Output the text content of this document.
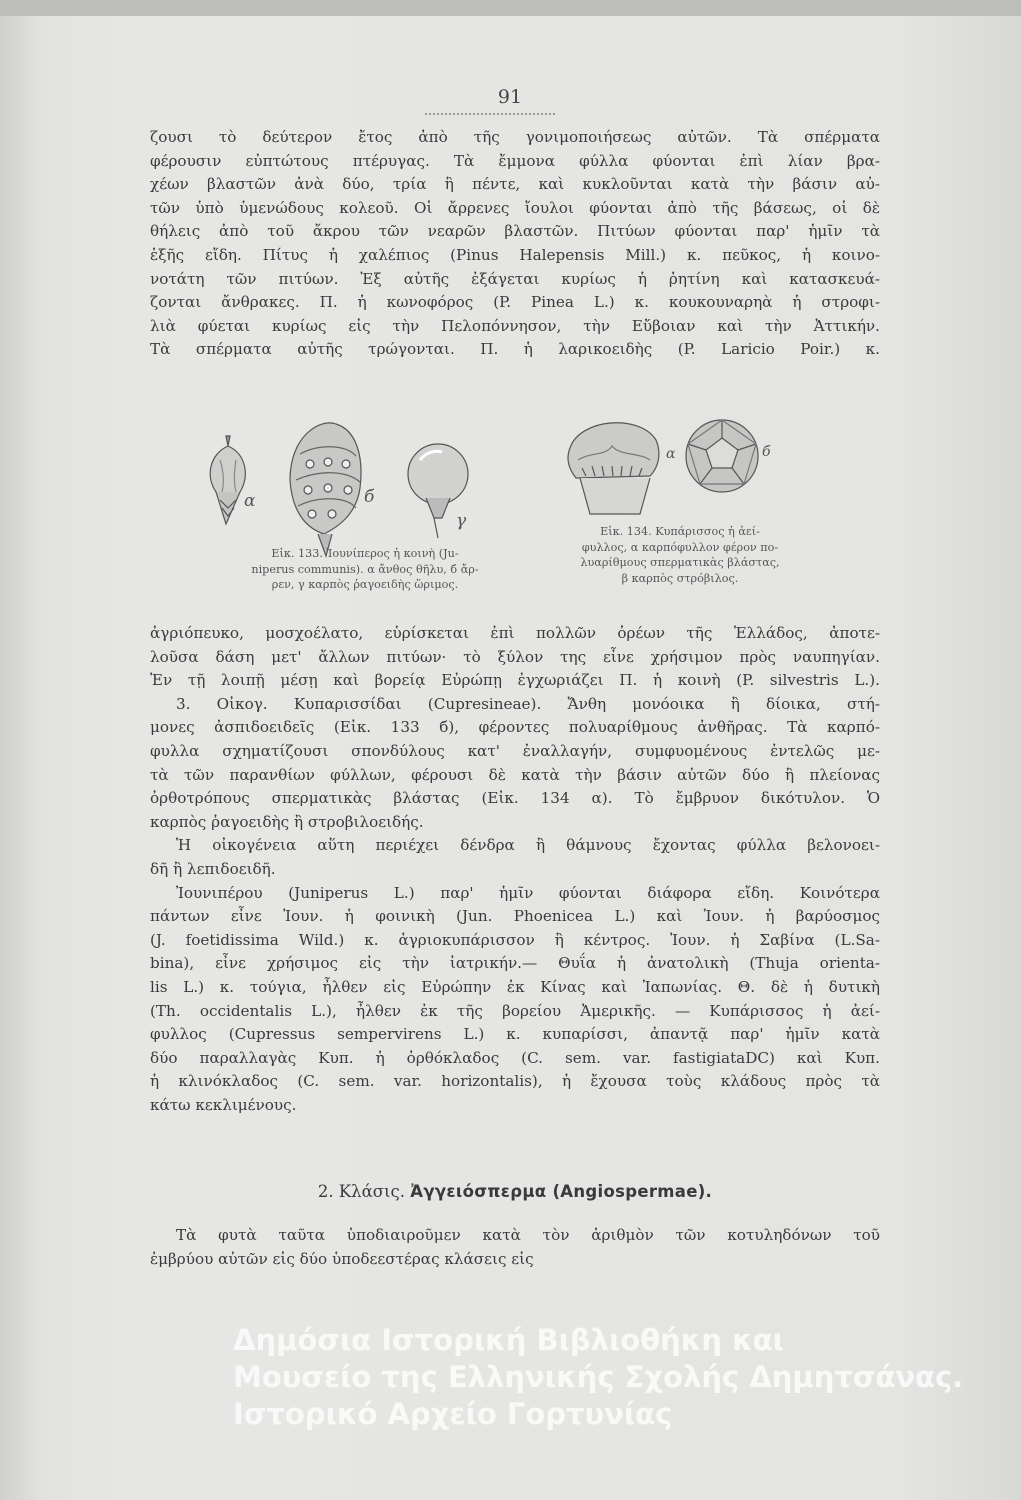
91
ζουσι τὸ δεύτερον ἔτος ἀπὸ τῆς γονιμοποιήσεως αὐτῶν. Τὰ σπέρματα
φέρουσιν εὐπτώτους πτέρυγας. Τὰ ἔμμονα φύλλα φύονται ἐπὶ λίαν βρα-
χέων βλαστῶν ἀνὰ δύο, τρία ἢ πέντε, καὶ κυκλοῦνται κατὰ τὴν βάσιν αὐ-
τῶν ὑπὸ ὑμενώδους κολεοῦ. Οἱ ἄρρενες ἴουλοι φύονται ἀπὸ τῆς βάσεως, οἱ δὲ
θήλεις ἀπὸ τοῦ ἄκρου τῶν νεαρῶν βλαστῶν. Πιτύων φύονται παρ' ἡμῖν τὰ
ἑξῆς εἴδη. Πίτυς ἡ χαλέπιος (Pinus Halepensis Mill.) κ. πεῦκος, ἡ κοινο-
νοτάτη τῶν πιτύων. Ἐξ αὐτῆς ἐξάγεται κυρίως ἡ ῥητίνη καὶ κατασκευά-
ζονται ἄνθρακες. Π. ἡ κωνοφόρος (P. Pinea L.) κ. κουκουναρηὰ ἡ στροφι-
λιὰ φύεται κυρίως εἰς τὴν Πελοπόννησον, τὴν Εὔβοιαν καὶ τὴν Ἀττικήν.
Τὰ σπέρματα αὐτῆς τρώγονται. Π. ἡ λαρικοειδὴς (P. Laricio Poir.) κ.
α	б
γ
α	б
Εἰκ. 133. Ἰουνίπερος ἡ κοινὴ (Ju-
niperus communis). α ἄνθος θῆλυ, б ἄρ-
ρεν, γ καρπὸς ῥαγοειδὴς ὥριμος.
Εἰκ. 134. Κυπάρισσος ἡ ἀεί-
φυλλος, α καρπόφυλλον φέρον πο-
λυαρίθμους σπερματικὰς βλάστας,
β καρπὸς στρόβιλος.
ἀγριόπευκο, μοσχοέλατο, εὑρίσκεται ἐπὶ πολλῶν ὀρέων τῆς Ἑλλάδος, ἀποτε-
λοῦσα δάση μετ' ἄλλων πιτύων· τὸ ξύλον της εἶνε χρήσιμον πρὸς ναυπηγίαν.
Ἐν τῇ λοιπῇ μέσῃ καὶ βορείᾳ Εὐρώπῃ ἐγχωριάζει Π. ἡ κοινὴ (P. silvestris L.).
3. Οἰκογ. Κυπαρισσίδαι (Cupresineae). Ἄνθη μονόοικα ἢ δίοικα, στή-
μονες ἀσπιδοειδεῖς (Εἰκ. 133 б), φέροντες πολυαρίθμους ἀνθῆρας. Τὰ καρπό-
φυλλα σχηματίζουσι σπονδύλους κατ' ἐναλλαγήν, συμφυομένους ἐντελῶς με-
τὰ τῶν παρανθίων φύλλων, φέρουσι δὲ κατὰ τὴν βάσιν αὐτῶν δύο ἢ πλείονας
ὀρθοτρόπους σπερματικὰς βλάστας (Εἰκ. 134 α). Τὸ ἔμβρυον δικότυλον. Ὁ
καρπὸς ῥαγοειδὴς ἢ στροβιλοειδής.
Ἡ οἰκογένεια αὕτη περιέχει δένδρα ἢ θάμνους ἔχοντας φύλλα βελονοει-
δῆ ἢ λεπιδοειδῆ.
Ἰουνιπέρου (Juniperus L.) παρ' ἡμῖν φύονται διάφορα εἴδη. Κοινότερα
πάντων εἶνε Ἰουν. ἡ φοινικὴ (Jun. Phoenicea L.) καὶ Ἰουν. ἡ βαρύοσμος
(J. foetidissima Wild.) κ. ἀγριοκυπάρισσον ἢ κέντρος. Ἰουν. ἡ Σαβίνα (L.Sa-
bina), εἶνε χρήσιμος εἰς τὴν ἰατρικήν.— Θυΐα ἡ ἀνατολικὴ (Thuja orienta-
lis L.) κ. τούγια, ἦλθεν εἰς Εὐρώπην ἐκ Κίνας καὶ Ἰαπωνίας. Θ. δὲ ἡ δυτικὴ
(Th. occidentalis L.), ἦλθεν ἐκ τῆς βορείου Ἀμερικῆς. — Κυπάρισσος ἡ ἀεί-
φυλλος (Cupressus sempervirens L.) κ. κυπαρίσσι, ἀπαντᾷ παρ' ἡμῖν κατὰ
δύο παραλλαγὰς Κυπ. ἡ ὀρθόκλαδος (C. sem. var. fastigiataDC) καὶ Κυπ.
ἡ κλινόκλαδος (C. sem. var. horizontalis), ἡ ἔχουσα τοὺς κλάδους πρὸς τὰ
κάτω κεκλιμένους.
2. Κλάσις. Ἀγγειόσπερμα (Angiospermae).
Τὰ φυτὰ ταῦτα ὑποδιαιροῦμεν κατὰ τὸν ἀριθμὸν τῶν κοτυληδόνων τοῦ
ἐμβρύου αὐτῶν εἰς δύο ὑποδεεστέρας κλάσεις εἰς
Δημόσια Ιστορική Βιβλιοθήκη και
Μουσείο της Ελληνικής Σχολής Δημητσάνας.
Ιστορικό Αρχείο Γορτυνίας
